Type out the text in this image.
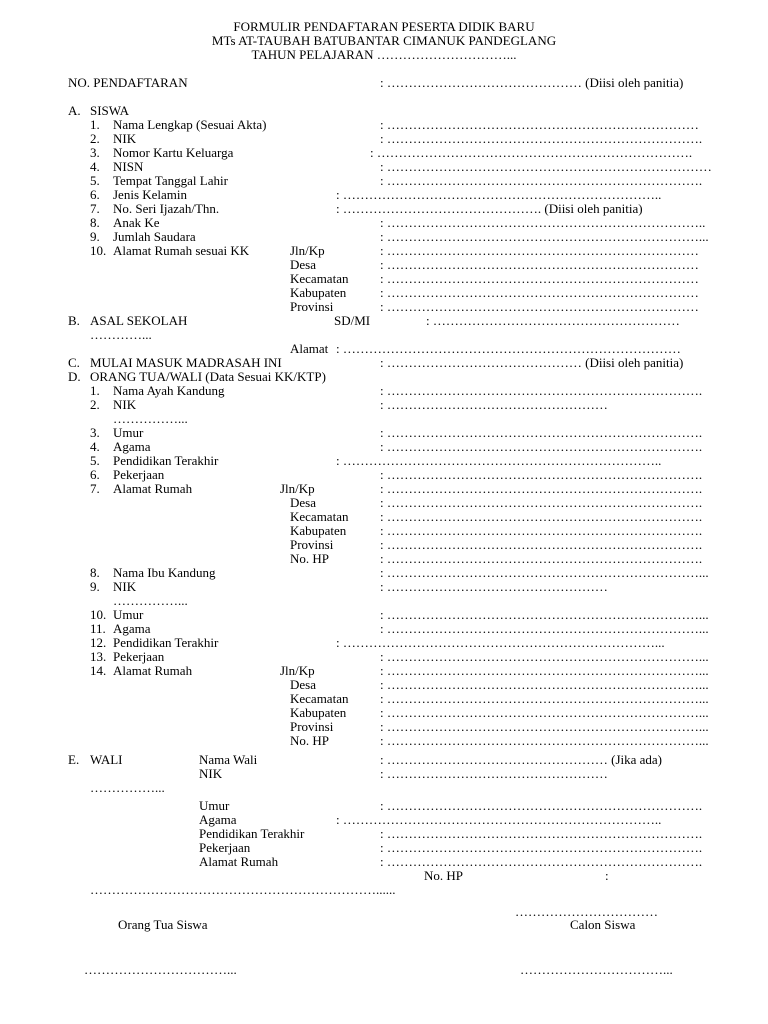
FORMULIR PENDAFTARAN PESERTA DIDIK BARU
MTs AT-TAUBAH BATUBANTAR CIMANUK PANDEGLANG
TAHUN PELAJARAN …………………………...
NO. PENDAFTARAN	: ……………………………………… (Diisi oleh panitia)
A. SISWA
1. Nama Lengkap (Sesuai Akta)	: ………………………………………………………………
2. NIK	: ……………………………………………………………….
3. Nomor Kartu Keluarga	: ……………………………………………………………….
4. NISN	: …………………………………………………………………
5. Tempat Tanggal Lahir	: ……………………………………………………………….
6. Jenis Kelamin	: ………………………………………………………………..
7. No. Seri Ijazah/Thn.	: ………………………………………. (Diisi oleh panitia)
8. Anak Ke	: ………………………………………………………………..
9. Jumlah Saudara	: ………………………………………………………………...
10. Alamat Rumah sesuai KK	Jln/Kp	: ………………………………………………………………
Desa	: ………………………………………………………………
Kecamatan : ………………………………………………………………
Kabupaten	: ………………………………………………………………
Provinsi	: ………………………………………………………………
B. ASAL SEKOLAH	SD/MI	: …………………………………………………
…………...
Alamat : ……………………………………………………………………
C. MULAI MASUK MADRASAH INI	: ……………………………………… (Diisi oleh panitia)
D. ORANG TUA/WALI (Data Sesuai KK/KTP)
1. Nama Ayah Kandung	: ……………………………………………………………….
2. NIK	: ……………………………………………
……………...
3. Umur	: ……………………………………………………………….
4. Agama	: ……………………………………………………………….
5. Pendidikan Terakhir	: ………………………………………………………………..
6. Pekerjaan	: ……………………………………………………………….
7. Alamat Rumah	Jln/Kp	: ……………………………………………………………….
Desa	: ……………………………………………………………….
Kecamatan : ……………………………………………………………….
Kabupaten	: ……………………………………………………………….
Provinsi	: ……………………………………………………………….
No. HP	: ……………………………………………………………….
8. Nama Ibu Kandung	: ………………………………………………………………...
9. NIK	: ……………………………………………
……………...
10. Umur	: ………………………………………………………………...
11. Agama	: ………………………………………………………………...
12. Pendidikan Terakhir	: ………………………………………………………………...
13. Pekerjaan	: ………………………………………………………………...
14. Alamat Rumah	Jln/Kp	: ………………………………………………………………...
Desa	: ………………………………………………………………...
Kecamatan : ………………………………………………………………...
Kabupaten	: ………………………………………………………………...
Provinsi	: ………………………………………………………………...
No. HP	: ………………………………………………………………...
E. WALI	Nama Wali	: …………………………………………… (Jika ada)
NIK	: ……………………………………………
……………...
Umur	: ……………………………………………………………….
Agama	: ………………………………………………………………..
Pendidikan Terakhir	: ……………………………………………………………….
Pekerjaan	: ……………………………………………………………….
Alamat Rumah	: ……………………………………………………………….
No. HP	:
…………………………………………………………......
……………………………
Orang Tua Siswa	Calon Siswa
……………………………...	……………………………...
